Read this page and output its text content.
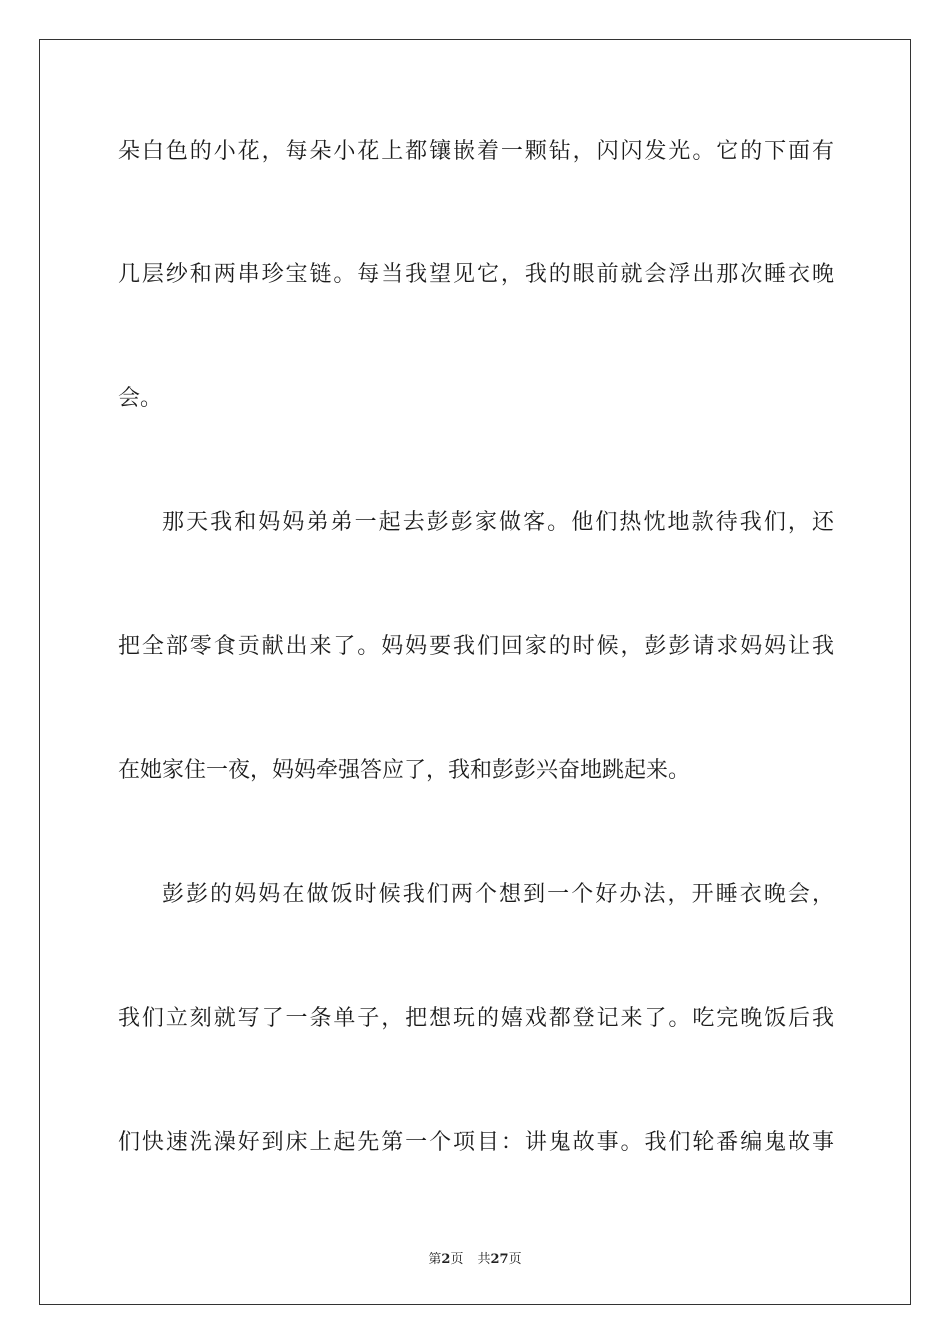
朵白色的小花，每朵小花上都镶嵌着一颗钻，闪闪发光。它的下面有
几层纱和两串珍宝链。每当我望见它，我的眼前就会浮出那次睡衣晚
会。
那天我和妈妈弟弟一起去彭彭家做客。他们热忱地款待我们，还
把全部零食贡献出来了。妈妈要我们回家的时候，彭彭请求妈妈让我
在她家住一夜，妈妈牵强答应了，我和彭彭兴奋地跳起来。
彭彭的妈妈在做饭时候我们两个想到一个好办法，开睡衣晚会，
我们立刻就写了一条单子，把想玩的嬉戏都登记来了。吃完晚饭后我
们快速洗澡好到床上起先第一个项目：讲鬼故事。我们轮番编鬼故事
第2页 共27页
